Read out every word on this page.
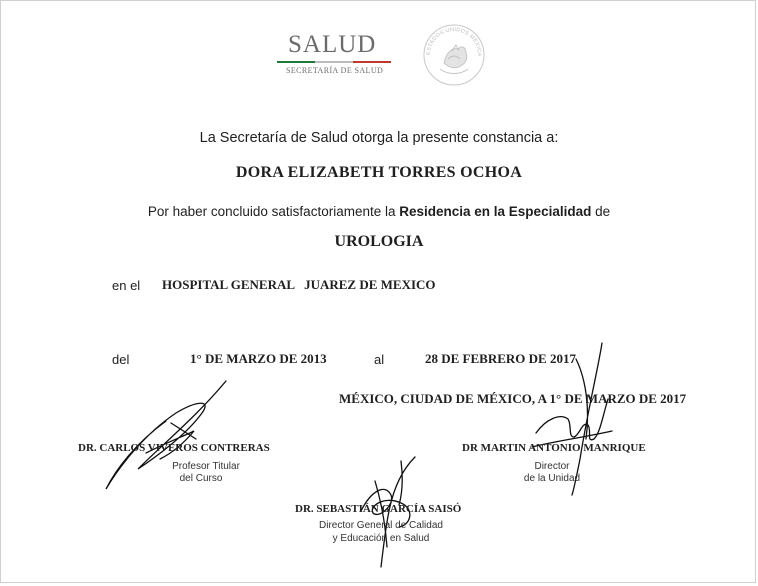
SALUD
SECRETARÍA DE SALUD
ESTADOS UNIDOS MEXICANOS
La Secretaría de Salud otorga la presente constancia a:
DORA ELIZABETH TORRES OCHOA
Por haber concluido satisfactoriamente la Residencia en la Especialidad de
UROLOGIA
en el HOSPITAL GENERAL   JUAREZ DE MEXICO
del	1° DE MARZO DE 2013	al	28 DE FEBRERO DE 2017
MÉXICO, CIUDAD DE MÉXICO, A 1° DE MARZO DE 2017
DR. CARLOS VIVEROS CONTRERAS
Profesor Titular
del Curso
DR MARTIN ANTONIO MANRIQUE
Director
de la Unidad
DR. SEBASTIÁN GARCÍA SAISÓ
Director General de Calidad
y Educación en Salud
